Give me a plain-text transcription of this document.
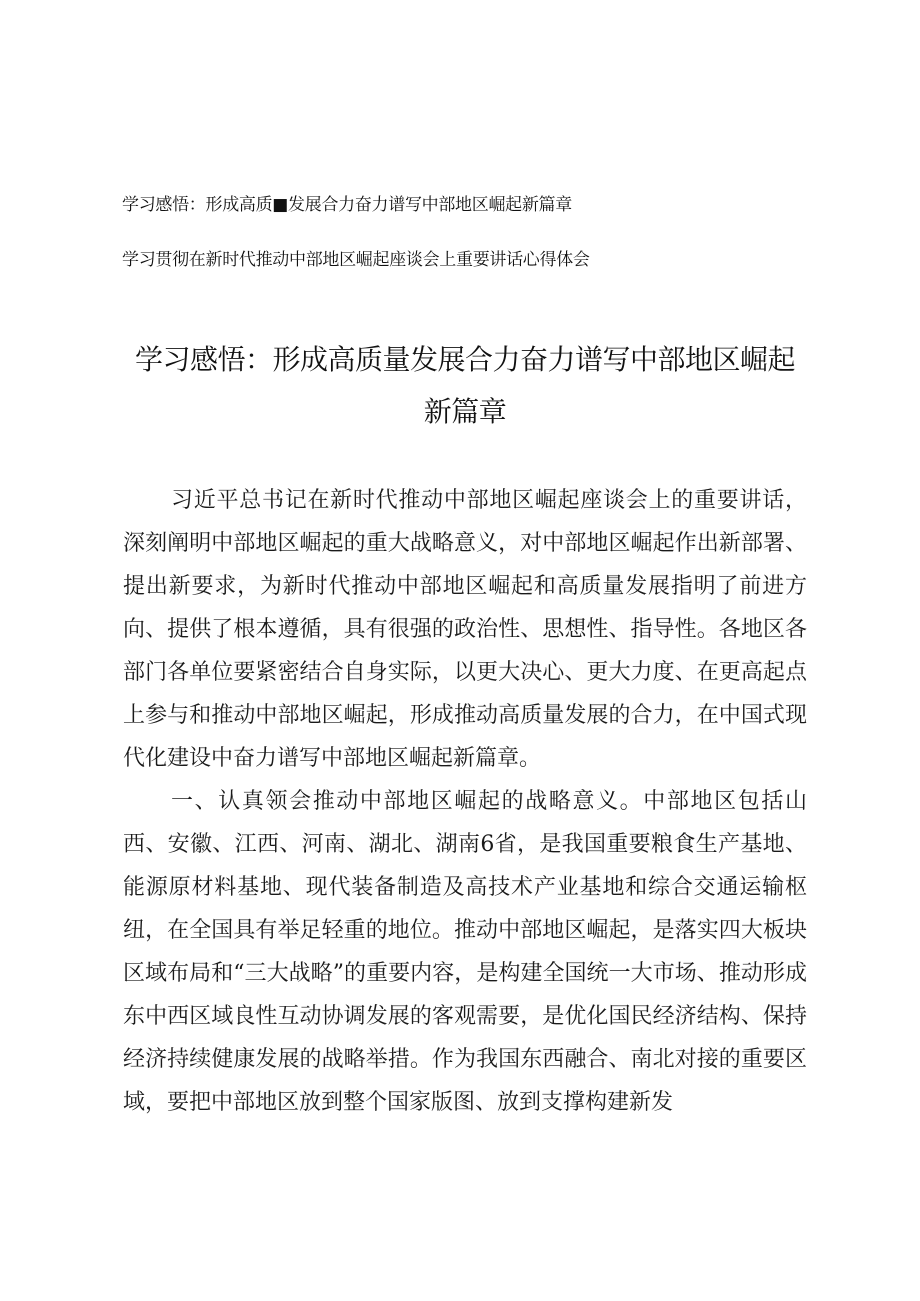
学习感悟：形成高质■发展合力奋力谱写中部地区崛起新篇章
学习贯彻在新时代推动中部地区崛起座谈会上重要讲话心得体会
学习感悟：形成高质量发展合力奋力谱写中部地区崛起
新篇章

习近平总书记在新时代推动中部地区崛起座谈会上的重要讲话，深刻阐明中部地区崛起的重大战略意义，对中部地区崛起作出新部署、提出新要求，为新时代推动中部地区崛起和高质量发展指明了前进方向、提供了根本遵循，具有很强的政治性、思想性、指导性。各地区各部门各单位要紧密结合自身实际，以更大决心、更大力度、在更高起点上参与和推动中部地区崛起，形成推动高质量发展的合力，在中国式现代化建设中奋力谱写中部地区崛起新篇章。

一、认真领会推动中部地区崛起的战略意义。中部地区包括山西、安徽、江西、河南、湖北、湖南6省，是我国重要粮食生产基地、能源原材料基地、现代装备制造及高技术产业基地和综合交通运输枢纽，在全国具有举足轻重的地位。推动中部地区崛起，是落实四大板块区域布局和“三大战略”的重要内容，是构建全国统一大市场、推动形成东中西区域良性互动协调发展的客观需要，是优化国民经济结构、保持经济持续健康发展的战略举措。作为我国东西融合、南北对接的重要区域，要把中部地区放到整个国家版图、放到支撑构建新发
